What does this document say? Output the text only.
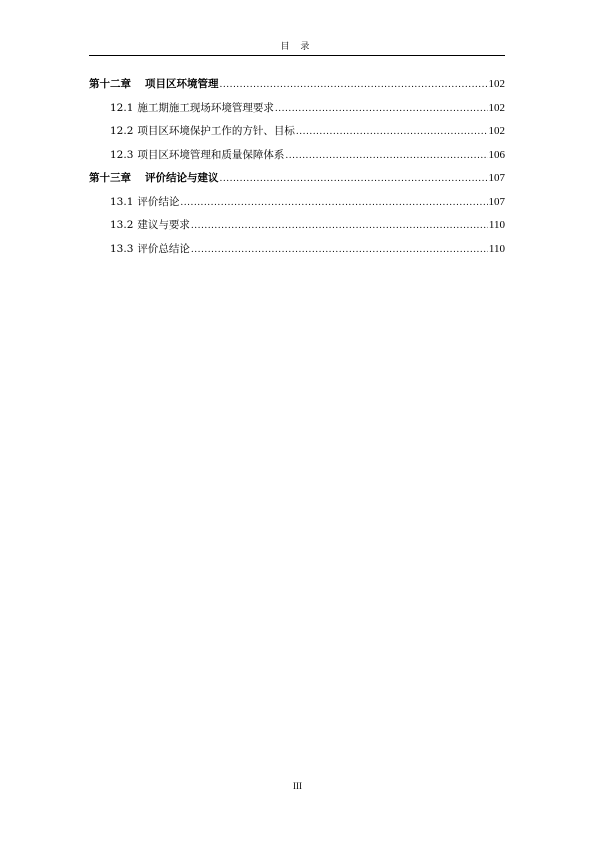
目 录
第十二章 项目区环境管理 .....	102
12.1 施工期施工现场环境管理要求 .....	102
12.2 项目区环境保护工作的方针、目标 .....	102
12.3 项目区环境管理和质量保障体系 .....	106
第十三章 评价结论与建议 .....	107
13.1 评价结论 .....	107
13.2 建议与要求 .....	110
13.3 评价总结论 .....	110
III
